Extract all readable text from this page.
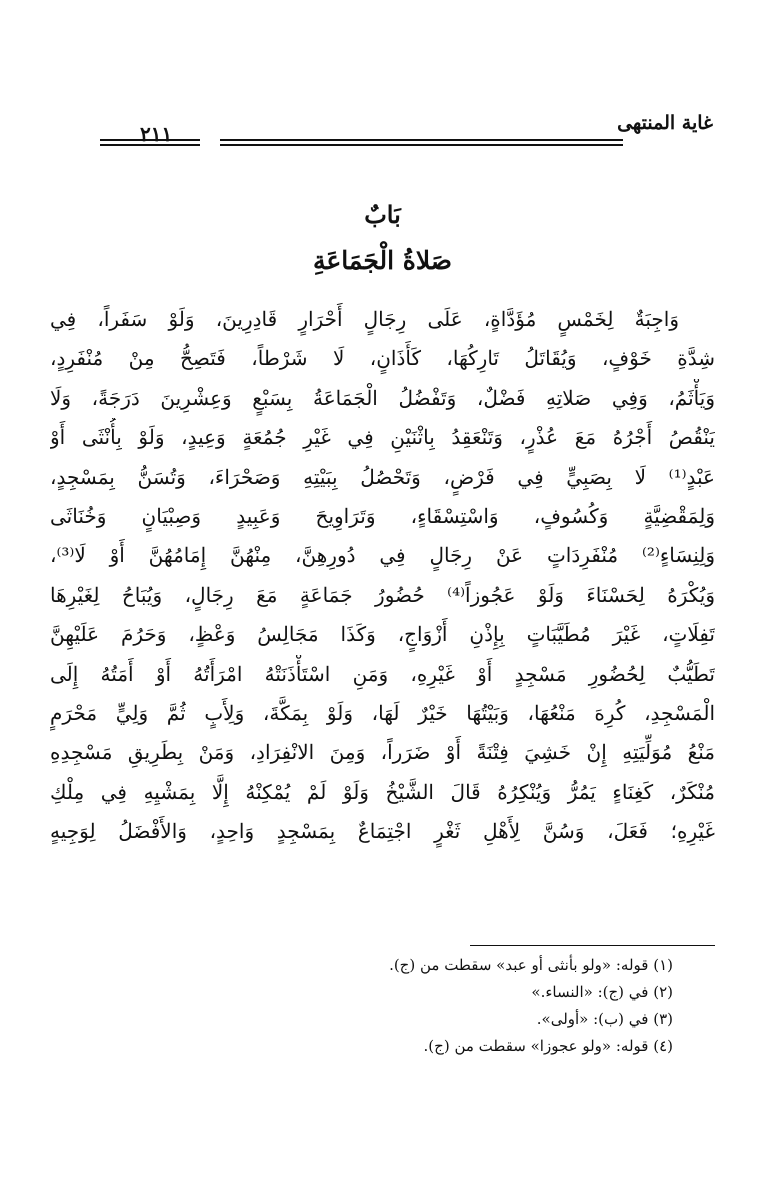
غاية المنتهى
٢١١
بَابٌ
صَلاةُ الْجَمَاعَةِ
وَاجِبَةٌ لِخَمْسٍ مُؤَدَّاةٍ، عَلَى رِجَالٍ أَحْرَارٍ قَادِرِينَ، وَلَوْ سَفَراً، فِي
شِدَّةِ خَوْفٍ، وَيُقَاتَلُ تَارِكُهَا، كَأَذَانٍ، لَا شَرْطاً، فَتَصِحُّ مِنْ مُنْفَرِدٍ،
وَيَأْثَمُ، وَفِي صَلاتِهِ فَضْلٌ، وَتَفْضُلُ الْجَمَاعَةُ بِسَبْعٍ وَعِشْرِينَ دَرَجَةً، وَلَا
يَنْقُصُ أَجْرُهُ مَعَ عُذْرٍ، وَتَنْعَقِدُ بِاثْنَيْنِ فِي غَيْرِ جُمُعَةٍ وَعِيدٍ، وَلَوْ بِأُنْثَى أَوْ
عَبْدٍ⁽¹⁾ لَا بِصَبِيٍّ فِي فَرْضٍ، وَتَحْصُلُ بِبَيْتِهِ وَصَحْرَاءَ، وَتُسَنُّ بِمَسْجِدٍ،
وَلِمَقْضِيَّةٍ وَكُسُوفٍ، وَاسْتِسْقَاءٍ، وَتَرَاوِيحَ وَعَبِيدٍ وَصِبْيَانٍ وَخُنَاثَى
وَلِنِسَاءٍ⁽²⁾ مُنْفَرِدَاتٍ عَنْ رِجَالٍ فِي دُورِهِنَّ، مِنْهُنَّ إِمَامُهُنَّ أَوْ لَا⁽³⁾،
وَيُكْرَهُ لِحَسْنَاءَ وَلَوْ عَجُوزاً⁽⁴⁾ حُضُورُ جَمَاعَةٍ مَعَ رِجَالٍ، وَيُبَاحُ لِغَيْرِهَا
تَفِلَاتٍ، غَيْرَ مُطَيَّبَاتٍ بِإِذْنِ أَزْوَاجٍ، وَكَذَا مَجَالِسُ وَعْظٍ، وَحَرُمَ عَلَيْهِنَّ
تَطَيُّبٌ لِحُضُورِ مَسْجِدٍ أَوْ غَيْرِهِ، وَمَنِ اسْتَأْذَنَتْهُ امْرَأَتُهُ أَوْ أَمَتُهُ إِلَى
الْمَسْجِدِ، كُرِهَ مَنْعُهَا، وَبَيْتُهَا خَيْرٌ لَهَا، وَلَوْ بِمَكَّةَ، وَلِأَبٍ ثُمَّ وَلِيٍّ مَحْرَمٍ
مَنْعُ مُوَلِّيَتِهِ إِنْ خَشِيَ فِتْنَةً أَوْ ضَرَراً، وَمِنَ الانْفِرَادِ، وَمَنْ بِطَرِيقِ مَسْجِدِهِ
مُنْكَرٌ، كَغِنَاءٍ يَمُرُّ وَيُنْكِرُهُ قَالَ الشَّيْخُ وَلَوْ لَمْ يُمْكِنْهُ إِلَّا بِمَشْيِهِ فِي مِلْكِ
غَيْرِهِ؛ فَعَلَ، وَسُنَّ لِأَهْلِ ثَغْرٍ اجْتِمَاعٌ بِمَسْجِدٍ وَاحِدٍ، وَالأَفْضَلُ لِوَجِيهٍ
(١) قوله: «ولو بأنثى أو عبد» سقطت من (ج).
(٢) في (ج): «النساء.»
(٣) في (ب): «أولى».
(٤) قوله: «ولو عجوزا» سقطت من (ج).
